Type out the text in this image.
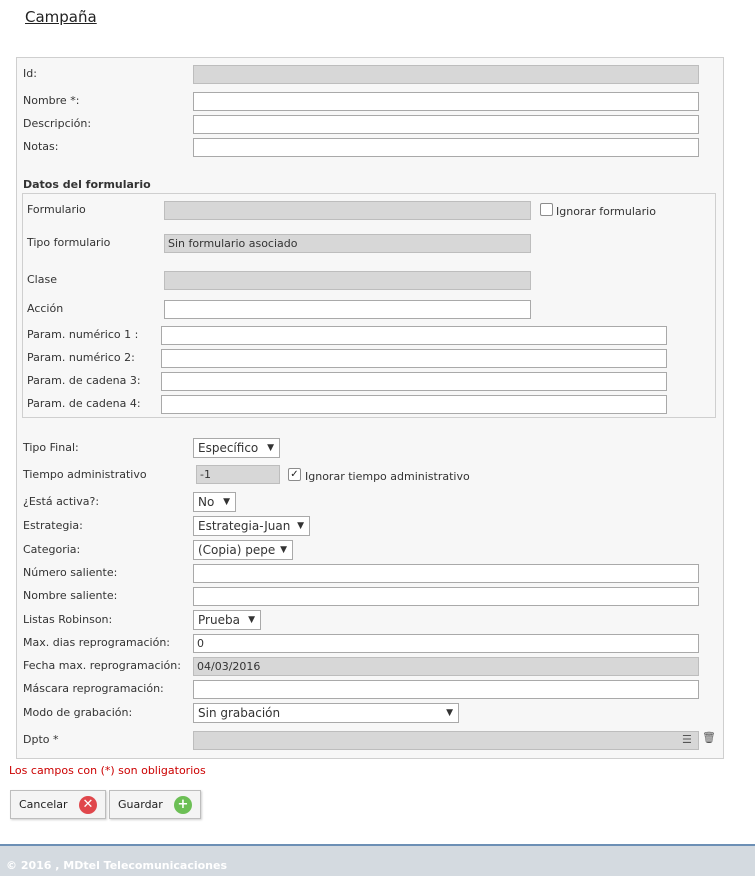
Campaña
Id:
Nombre *:
Descripción:
Notas:
Datos del formulario
Formulario	Ignorar formulario
Tipo formulario	Sin formulario asociado
Clase
Acción
Param. numérico 1 :
Param. numérico 2:
Param. de cadena 3:
Param. de cadena 4:
Tipo Final:	Específico ▼
Tiempo administrativo	-1	✓ Ignorar tiempo administrativo
¿Está activa?:	No ▼
Estrategia:	Estrategia-Juan ▼
Categoria:	(Copia) pepe ▼
Número saliente:
Nombre saliente:
Listas Robinson:	Prueba ▼
Max. dias reprogramación:	0
Fecha max. reprogramación:	04/03/2016
Máscara reprogramación:
Modo de grabación:	Sin grabación	▼
Dpto *	☰ 🗑
Los campos con (*) son obligatorios
Cancelar ✕	Guardar +
© 2016 , MDtel Telecomunicaciones
